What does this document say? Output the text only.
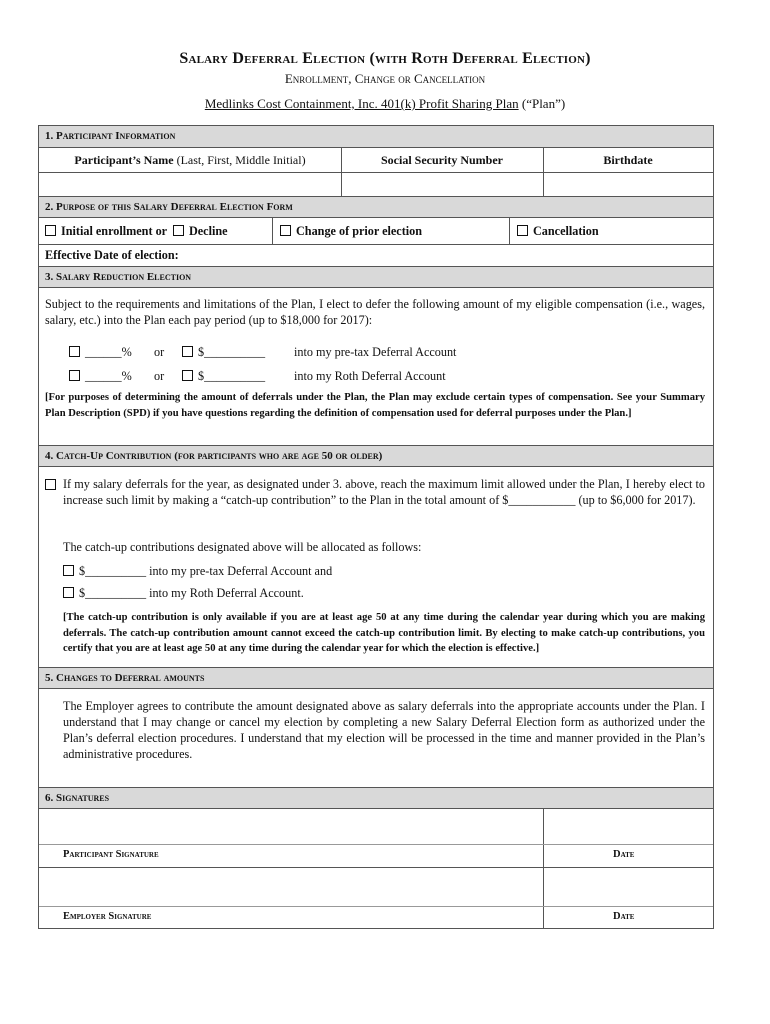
Salary Deferral Election (with Roth Deferral Election)
Enrollment, Change or Cancellation
Medlinks Cost Containment, Inc. 401(k) Profit Sharing Plan (“Plan”)
1. Participant Information
Participant’s Name (Last, First, Middle Initial)	Social Security Number	Birthdate
2. Purpose of this Salary Deferral Election Form
Initial enrollment or Decline	Change of prior election	Cancellation
Effective Date of election:
3. Salary Reduction Election
Subject to the requirements and limitations of the Plan, I elect to defer the following amount of my eligible compensation (i.e., wages, salary, etc.) into the Plan each pay period (up to $18,000 for 2017):
______% or	$__________ into my pre-tax Deferral Account
______% or	$__________ into my Roth Deferral Account
[For purposes of determining the amount of deferrals under the Plan, the Plan may exclude certain types of compensation. See your Summary Plan Description (SPD) if you have questions regarding the definition of compensation used for deferral purposes under the Plan.]
4. Catch-Up Contribution (for participants who are age 50 or older)
If my salary deferrals for the year, as designated under 3. above, reach the maximum limit allowed under the Plan, I hereby elect to increase such limit by making a “catch-up contribution” to the Plan in the total amount of $___________ (up to $6,000 for 2017).
The catch-up contributions designated above will be allocated as follows:
$__________ into my pre-tax Deferral Account and
$__________ into my Roth Deferral Account.
[The catch-up contribution is only available if you are at least age 50 at any time during the calendar year during which you are making deferrals. The catch-up contribution amount cannot exceed the catch-up contribution limit. By electing to make catch-up contributions, you certify that you are at least age 50 at any time during the calendar year for which the election is effective.]
5. Changes to Deferral amounts
The Employer agrees to contribute the amount designated above as salary deferrals into the appropriate accounts under the Plan. I understand that I may change or cancel my election by completing a new Salary Deferral Election form as authorized under the Plan’s deferral election procedures. I understand that my election will be processed in the time and manner provided in the Plan’s administrative procedures.
6. Signatures
Participant Signature	Date
Employer Signature	Date
